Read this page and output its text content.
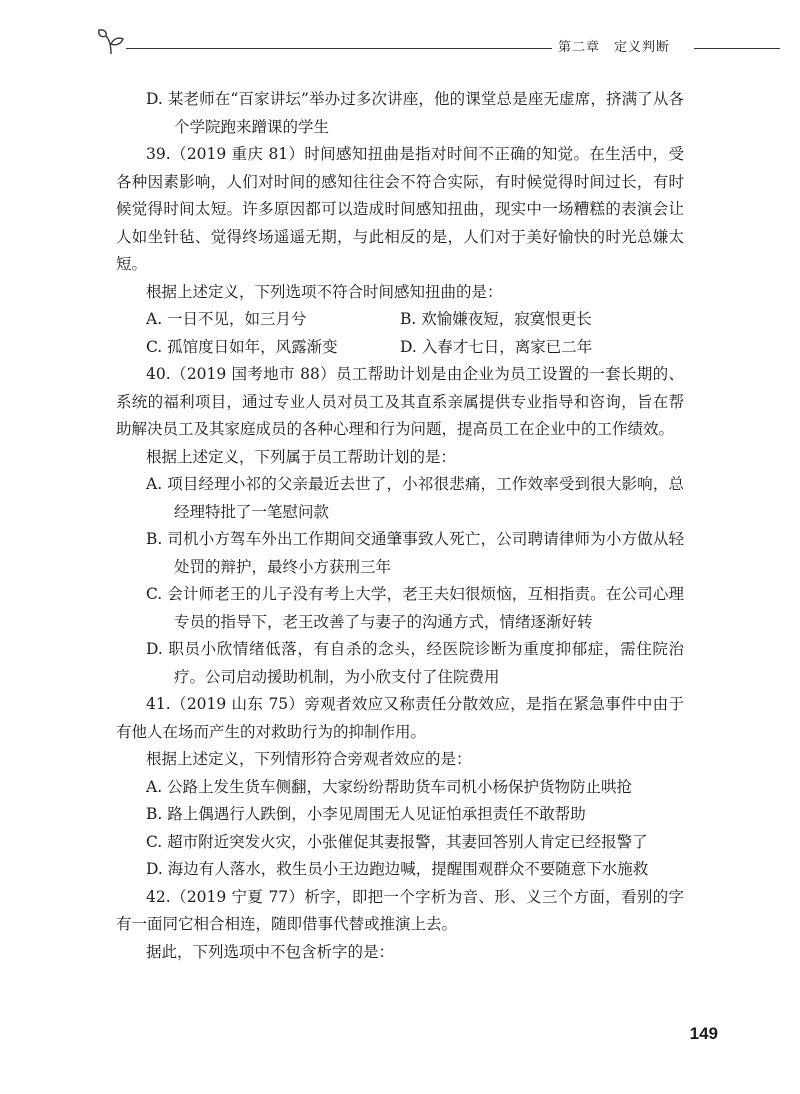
第二章 定义判断

D. 某老师在“百家讲坛”举办过多次讲座，他的课堂总是座无虚席，挤满了从各个学院跑来蹭课的学生

39.（2019 重庆 81）时间感知扭曲是指对时间不正确的知觉。在生活中，受各种因素影响，人们对时间的感知往往会不符合实际，有时候觉得时间过长，有时候觉得时间太短。许多原因都可以造成时间感知扭曲，现实中一场糟糕的表演会让人如坐针毡、觉得终场遥遥无期，与此相反的是，人们对于美好愉快的时光总嫌太短。

根据上述定义，下列选项不符合时间感知扭曲的是：

A. 一日不见，如三月兮	B. 欢愉嫌夜短，寂寞恨更长
C. 孤馆度日如年，风露渐变	D. 入春才七日，离家已二年

40.（2019 国考地市 88）员工帮助计划是由企业为员工设置的一套长期的、系统的福利项目，通过专业人员对员工及其直系亲属提供专业指导和咨询，旨在帮助解决员工及其家庭成员的各种心理和行为问题，提高员工在企业中的工作绩效。

根据上述定义，下列属于员工帮助计划的是：

A. 项目经理小祁的父亲最近去世了，小祁很悲痛，工作效率受到很大影响，总经理特批了一笔慰问款

B. 司机小方驾车外出工作期间交通肇事致人死亡，公司聘请律师为小方做从轻处罚的辩护，最终小方获刑三年

C. 会计师老王的儿子没有考上大学，老王夫妇很烦恼，互相指责。在公司心理专员的指导下，老王改善了与妻子的沟通方式，情绪逐渐好转

D. 职员小欣情绪低落，有自杀的念头，经医院诊断为重度抑郁症，需住院治疗。公司启动援助机制，为小欣支付了住院费用

41.（2019 山东 75）旁观者效应又称责任分散效应，是指在紧急事件中由于有他人在场而产生的对救助行为的抑制作用。

根据上述定义，下列情形符合旁观者效应的是：

A. 公路上发生货车侧翻，大家纷纷帮助货车司机小杨保护货物防止哄抢

B. 路上偶遇行人跌倒，小李见周围无人见证怕承担责任不敢帮助

C. 超市附近突发火灾，小张催促其妻报警，其妻回答别人肯定已经报警了

D. 海边有人落水，救生员小王边跑边喊，提醒围观群众不要随意下水施救

42.（2019 宁夏 77）析字，即把一个字析为音、形、义三个方面，看别的字有一面同它相合相连，随即借事代替或推演上去。

据此，下列选项中不包含析字的是：

149
